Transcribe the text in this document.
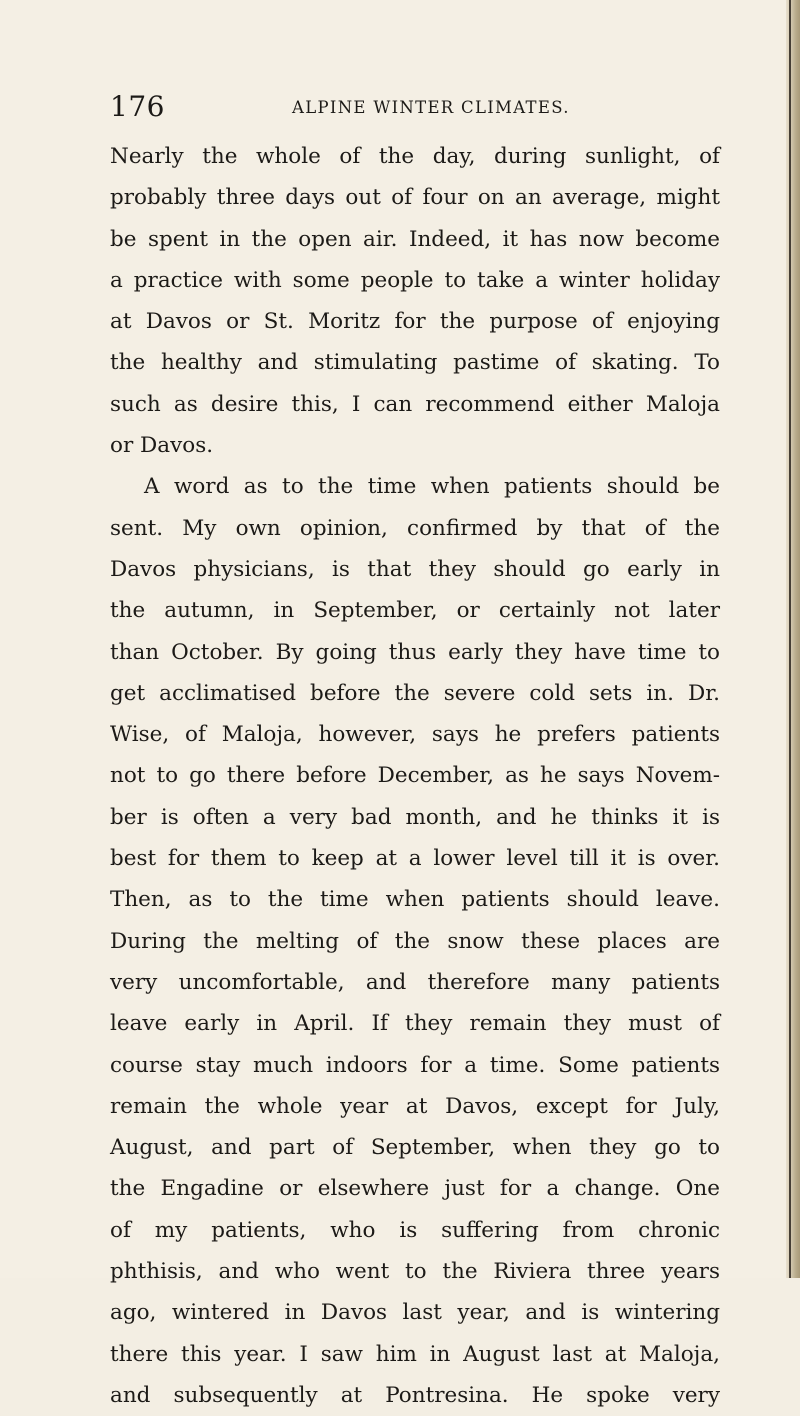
176	ALPINE WINTER CLIMATES.
Nearly the whole of the day, during sunlight, of
probably three days out of four on an average, might
be spent in the open air. Indeed, it has now become
a practice with some people to take a winter holiday
at Davos or St. Moritz for the purpose of enjoying
the healthy and stimulating pastime of skating. To
such as desire this, I can recommend either Maloja
or Davos.
A word as to the time when patients should be
sent. My own opinion, confirmed by that of the
Davos physicians, is that they should go early in
the autumn, in September, or certainly not later
than October. By going thus early they have time to
get acclimatised before the severe cold sets in. Dr.
Wise, of Maloja, however, says he prefers patients
not to go there before December, as he says Novem-
ber is often a very bad month, and he thinks it is
best for them to keep at a lower level till it is over.
Then, as to the time when patients should leave.
During the melting of the snow these places are
very uncomfortable, and therefore many patients
leave early in April. If they remain they must of
course stay much indoors for a time. Some patients
remain the whole year at Davos, except for July,
August, and part of September, when they go to
the Engadine or elsewhere just for a change. One
of my patients, who is suffering from chronic
phthisis, and who went to the Riviera three years
ago, wintered in Davos last year, and is wintering
there this year. I saw him in August last at Maloja,
and subsequently at Pontresina. He spoke very
